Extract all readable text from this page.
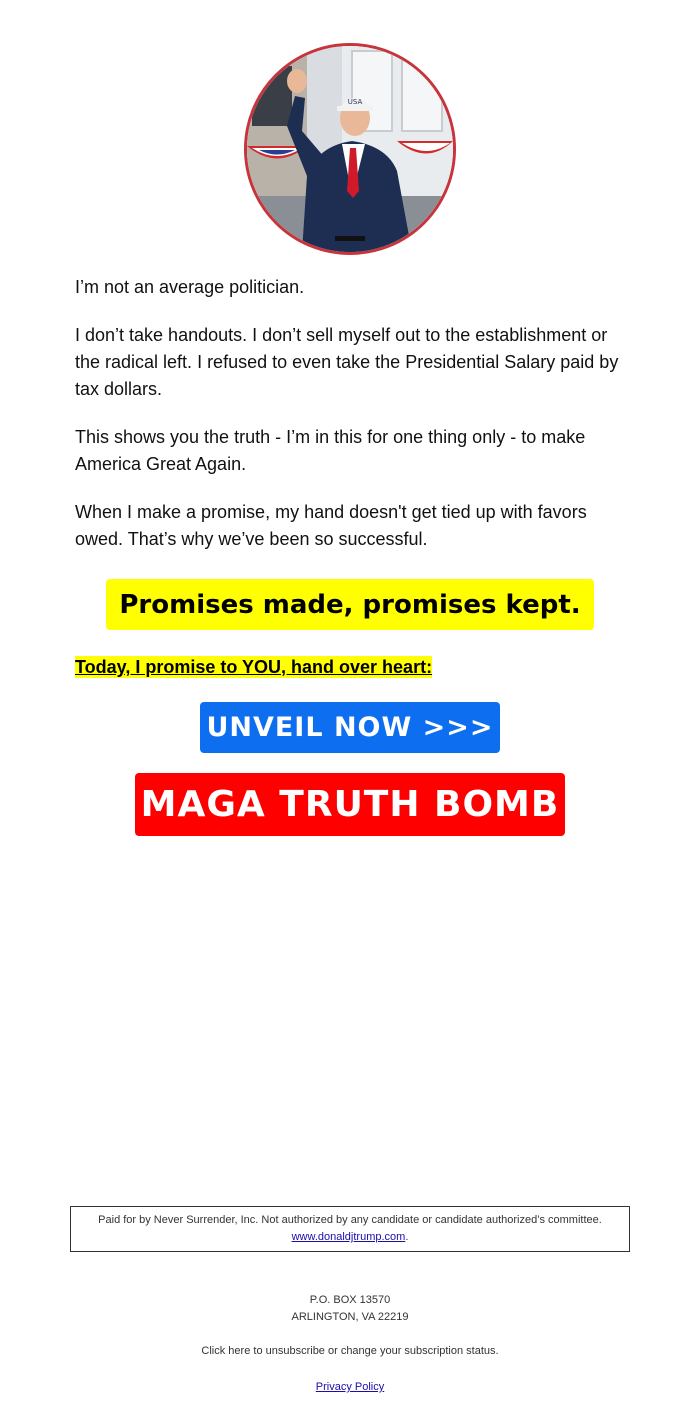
USA

I’m not an average politician.

I don’t take handouts. I don’t sell myself out to the establishment or the radical left. I refused to even take the Presidential Salary paid by tax dollars.

This shows you the truth - I’m in this for one thing only - to make America Great Again.

When I make a promise, my hand doesn't get tied up with favors owed. That’s why we’ve been so successful.

Promises made, promises kept.
Today, I promise to YOU, hand over heart:
UNVEIL NOW >>>
MAGA TRUTH BOMB
Paid for by Never Surrender, Inc. Not authorized by any candidate or candidate authorized’s committee.
www.donaldjtrump.com.
P.O. BOX 13570
ARLINGTON, VA 22219
Click here to unsubscribe or change your subscription status.
Privacy Policy
